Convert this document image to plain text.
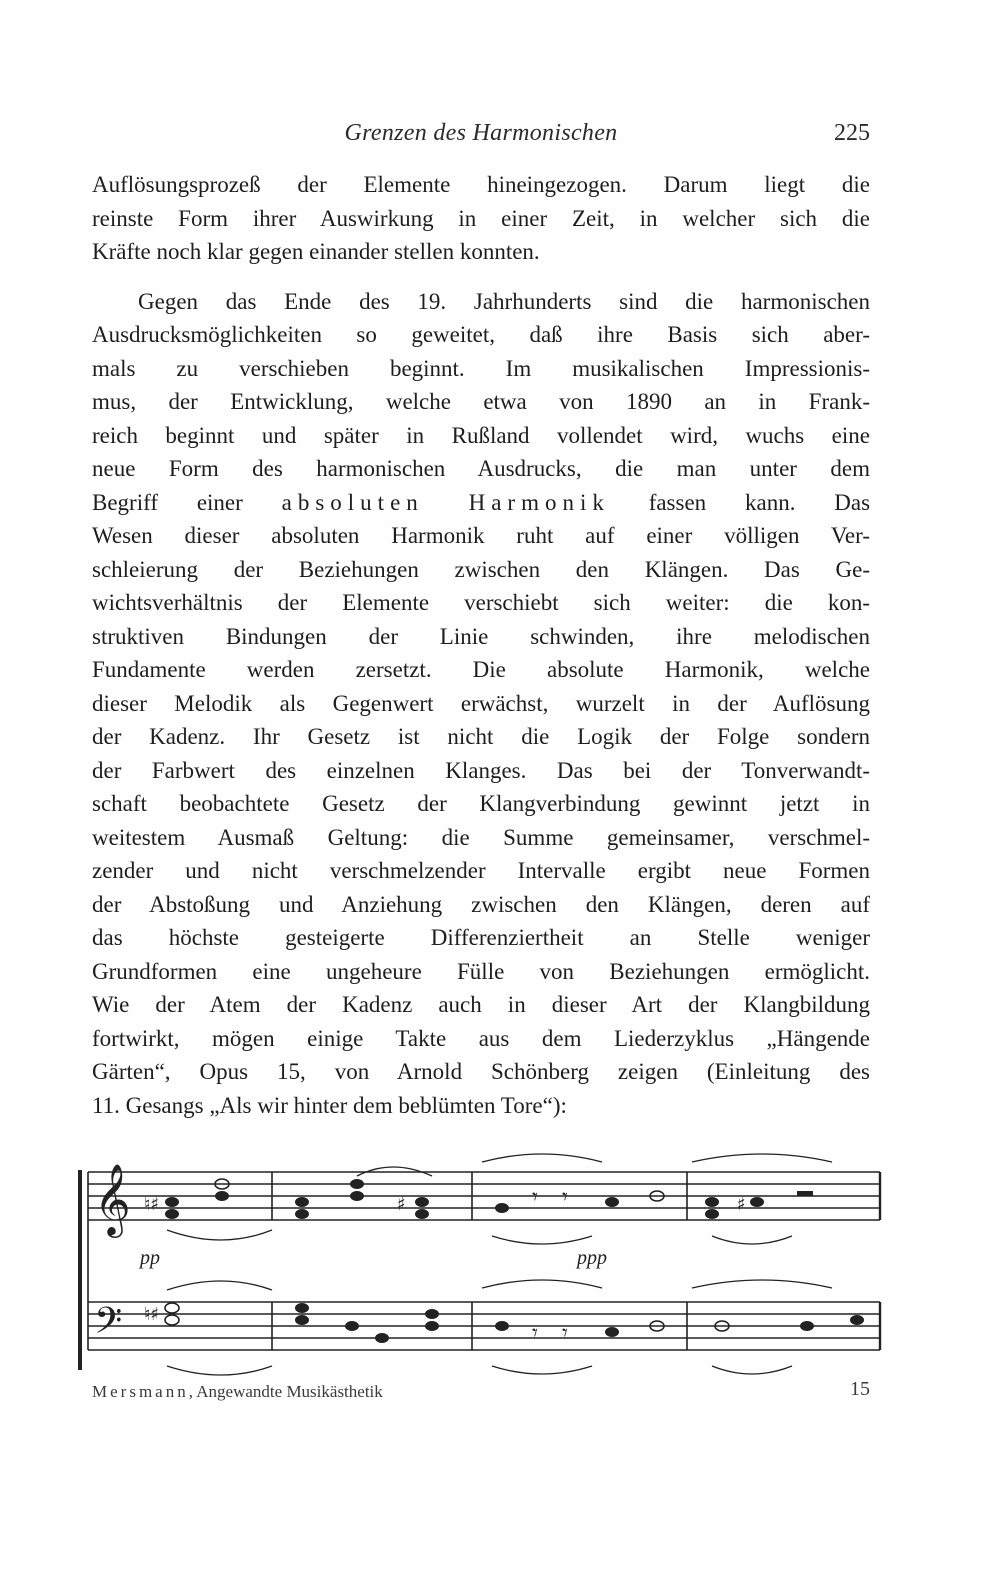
Grenzen des Harmonischen	225
Auflösungsprozeß der Elemente hineingezogen. Darum liegt die
reinste Form ihrer Auswirkung in einer Zeit, in welcher sich die
Kräfte noch klar gegen einander stellen konnten.
Gegen das Ende des 19. Jahrhunderts sind die harmonischen
Ausdrucksmöglichkeiten so geweitet, daß ihre Basis sich aber-
mals zu verschieben beginnt. Im musikalischen Impressionis-
mus, der Entwicklung, welche etwa von 1890 an in Frank-
reich beginnt und später in Rußland vollendet wird, wuchs eine
neue Form des harmonischen Ausdrucks, die man unter dem
Begriff einer absoluten Harmonik fassen kann. Das
Wesen dieser absoluten Harmonik ruht auf einer völligen Ver-
schleierung der Beziehungen zwischen den Klängen. Das Ge-
wichtsverhältnis der Elemente verschiebt sich weiter: die kon-
struktiven Bindungen der Linie schwinden, ihre melodischen
Fundamente werden zersetzt. Die absolute Harmonik, welche
dieser Melodik als Gegenwert erwächst, wurzelt in der Auflösung
der Kadenz. Ihr Gesetz ist nicht die Logik der Folge sondern
der Farbwert des einzelnen Klanges. Das bei der Tonverwandt-
schaft beobachtete Gesetz der Klangverbindung gewinnt jetzt in
weitestem Ausmaß Geltung: die Summe gemeinsamer, verschmel-
zender und nicht verschmelzender Intervalle ergibt neue Formen
der Abstoßung und Anziehung zwischen den Klängen, deren auf
das höchste gesteigerte Differenziertheit an Stelle weniger
Grundformen eine ungeheure Fülle von Beziehungen ermöglicht.
Wie der Atem der Kadenz auch in dieser Art der Klangbildung
fortwirkt, mögen einige Takte aus dem Liederzyklus „Hängende
Gärten“, Opus 15, von Arnold Schönberg zeigen (Einleitung des
11. Gesangs „Als wir hinter dem beblümten Tore“):
𝄞
𝄢
♮♯	♯	𝄾 𝄾	♯
pp	ppp
♮♯
𝄾 𝄾
Mersmann, Angewandte Musikästhetik	15
